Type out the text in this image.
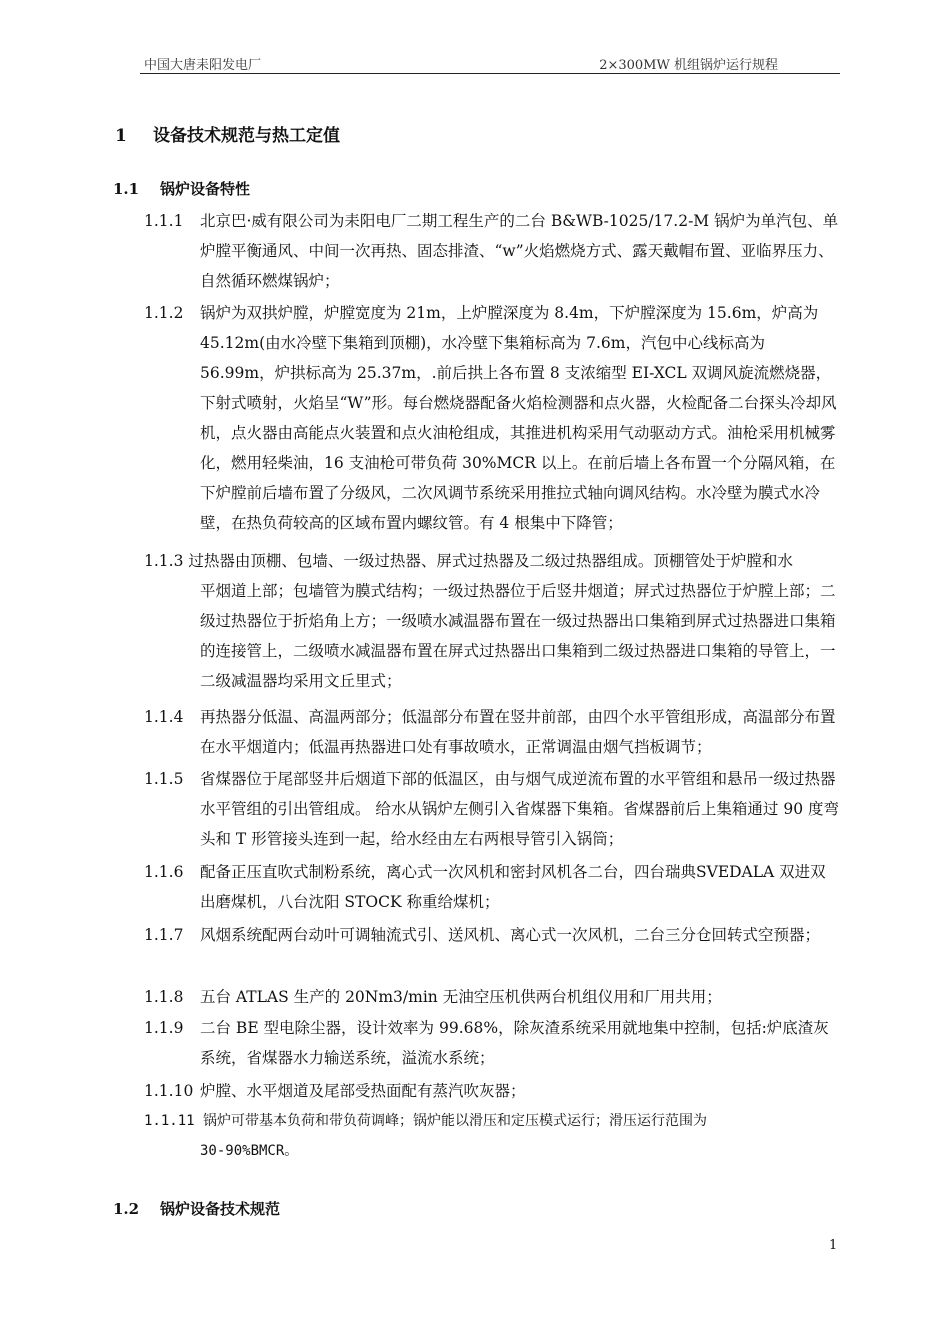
中国大唐耒阳发电厂	2×300MW 机组锅炉运行规程
1 设备技术规范与热工定值
1.1 锅炉设备特性
1.1.1 北京巴·威有限公司为耒阳电厂二期工程生产的二台 B&WB-1025/17.2-M 锅炉为单汽包、单炉膛平衡通风、中间一次再热、固态排渣、“w”火焰燃烧方式、露天戴帽布置、亚临界压力、自然循环燃煤锅炉；
1.1.2 锅炉为双拱炉膛，炉膛宽度为 21m，上炉膛深度为 8.4m，下炉膛深度为 15.6m，炉高为 45.12m(由水冷壁下集箱到顶棚)，水冷壁下集箱标高为 7.6m，汽包中心线标高为 56.99m，炉拱标高为 25.37m，.前后拱上各布置 8 支浓缩型 EI-XCL 双调风旋流燃烧器，下射式喷射，火焰呈“W”形。每台燃烧器配备火焰检测器和点火器，火检配备二台探头冷却风机，点火器由高能点火装置和点火油枪组成，其推进机构采用气动驱动方式。油枪采用机械雾化，燃用轻柴油，16 支油枪可带负荷 30%MCR 以上。在前后墙上各布置一个分隔风箱，在下炉膛前后墙布置了分级风，二次风调节系统采用推拉式轴向调风结构。水冷壁为膜式水冷壁，在热负荷较高的区域布置内螺纹管。有 4 根集中下降管；
1.1.3 过热器由顶棚、包墙、一级过热器、屏式过热器及二级过热器组成。顶棚管处于炉膛和水
平烟道上部；包墙管为膜式结构；一级过热器位于后竖井烟道；屏式过热器位于炉膛上部；二级过热器位于折焰角上方；一级喷水减温器布置在一级过热器出口集箱到屏式过热器进口集箱的连接管上，二级喷水减温器布置在屏式过热器出口集箱到二级过热器进口集箱的导管上，一二级减温器均采用文丘里式；
1.1.4 再热器分低温、高温两部分；低温部分布置在竖井前部，由四个水平管组形成，高温部分布置在水平烟道内；低温再热器进口处有事故喷水，正常调温由烟气挡板调节；
1.1.5 省煤器位于尾部竖井后烟道下部的低温区，由与烟气成逆流布置的水平管组和悬吊一级过热器水平管组的引出管组成。 给水从锅炉左侧引入省煤器下集箱。省煤器前后上集箱通过 90 度弯头和 T 形管接头连到一起，给水经由左右两根导管引入锅筒；
1.1.6 配备正压直吹式制粉系统，离心式一次风机和密封风机各二台，四台瑞典SVEDALA 双进双出磨煤机，八台沈阳 STOCK 称重给煤机；
1.1.7 风烟系统配两台动叶可调轴流式引、送风机、离心式一次风机，二台三分仓回转式空预器；
1.1.8 五台 ATLAS 生产的 20Nm3/min 无油空压机供两台机组仪用和厂用共用；
1.1.9 二台 BE 型电除尘器，设计效率为 99.68%，除灰渣系统采用就地集中控制，包括:炉底渣灰系统，省煤器水力输送系统，溢流水系统；
1.1.10 炉膛、水平烟道及尾部受热面配有蒸汽吹灰器；
1.1.11 锅炉可带基本负荷和带负荷调峰；锅炉能以滑压和定压模式运行；滑压运行范围为
30-90%BMCR。
1.2 锅炉设备技术规范
1
